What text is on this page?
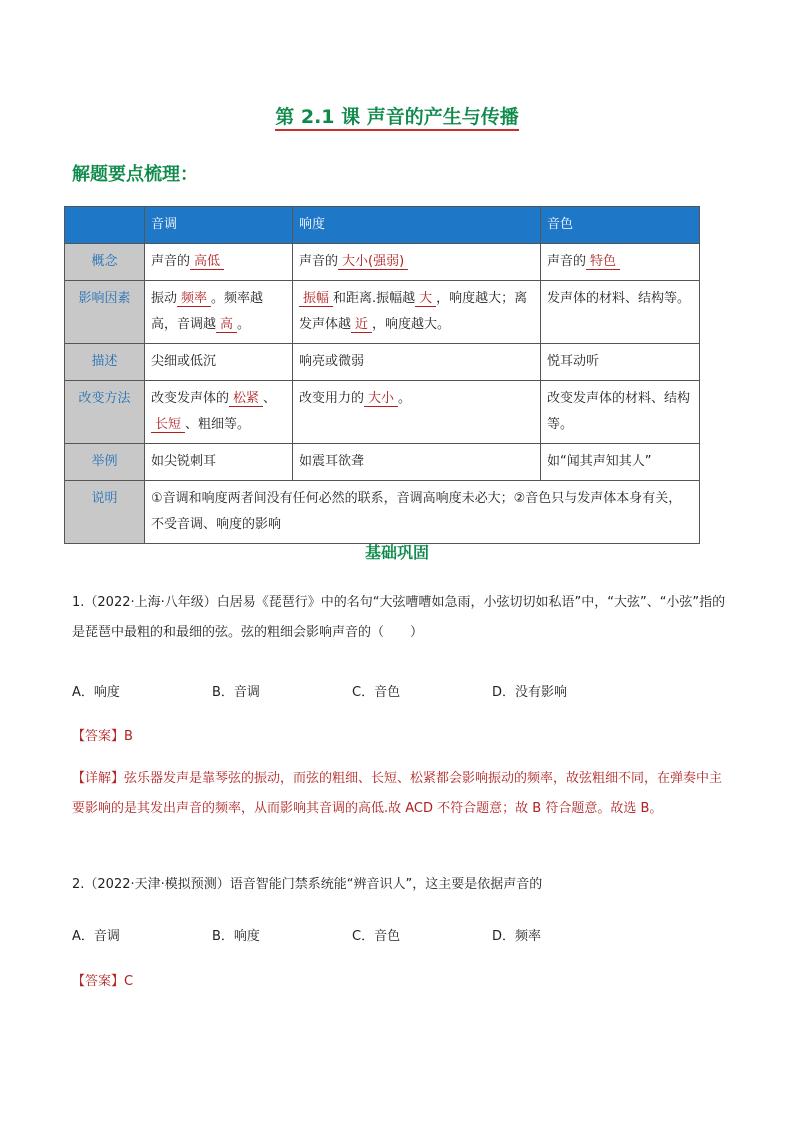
第 2.1 课 声音的产生与传播
解题要点梳理：
	音调	响度	音色
概念	声音的 高低	声音的 大小(强弱)	声音的 特色
影响因素	振动 频率 。频率越高，音调越 高 。	振幅 和距离.振幅越 大 ，响度越大；离发声体越 近 ，响度越大。	发声体的材料、结构等。
描述	尖细或低沉	响亮或微弱	悦耳动听
改变方法	改变发声体的 松紧 、长短 、粗细等。	改变用力的 大小 。	改变发声体的材料、结构等。
举例	如尖锐刺耳	如震耳欲聋	如“闻其声知其人”
说明	①音调和响度两者间没有任何必然的联系，音调高响度未必大；②音色只与发声体本身有关，不受音调、响度的影响		
基础巩固
1.（2022·上海·八年级）白居易《琵琶行》中的名句“大弦嘈嘈如急雨，小弦切切如私语”中，“大弦”、“小弦”指的是琵琶中最粗的和最细的弦。弦的粗细会影响声音的（　　）
A．响度	B．音调	C．音色	D．没有影响
【答案】B
【详解】弦乐器发声是靠琴弦的振动，而弦的粗细、长短、松紧都会影响振动的频率，故弦粗细不同，在弹奏中主要影响的是其发出声音的频率，从而影响其音调的高低.故 ACD 不符合题意；故 B 符合题意。故选 B。
2.（2022·天津·模拟预测）语音智能门禁系统能“辨音识人”，这主要是依据声音的
A．音调	B．响度	C．音色	D．频率
【答案】C
